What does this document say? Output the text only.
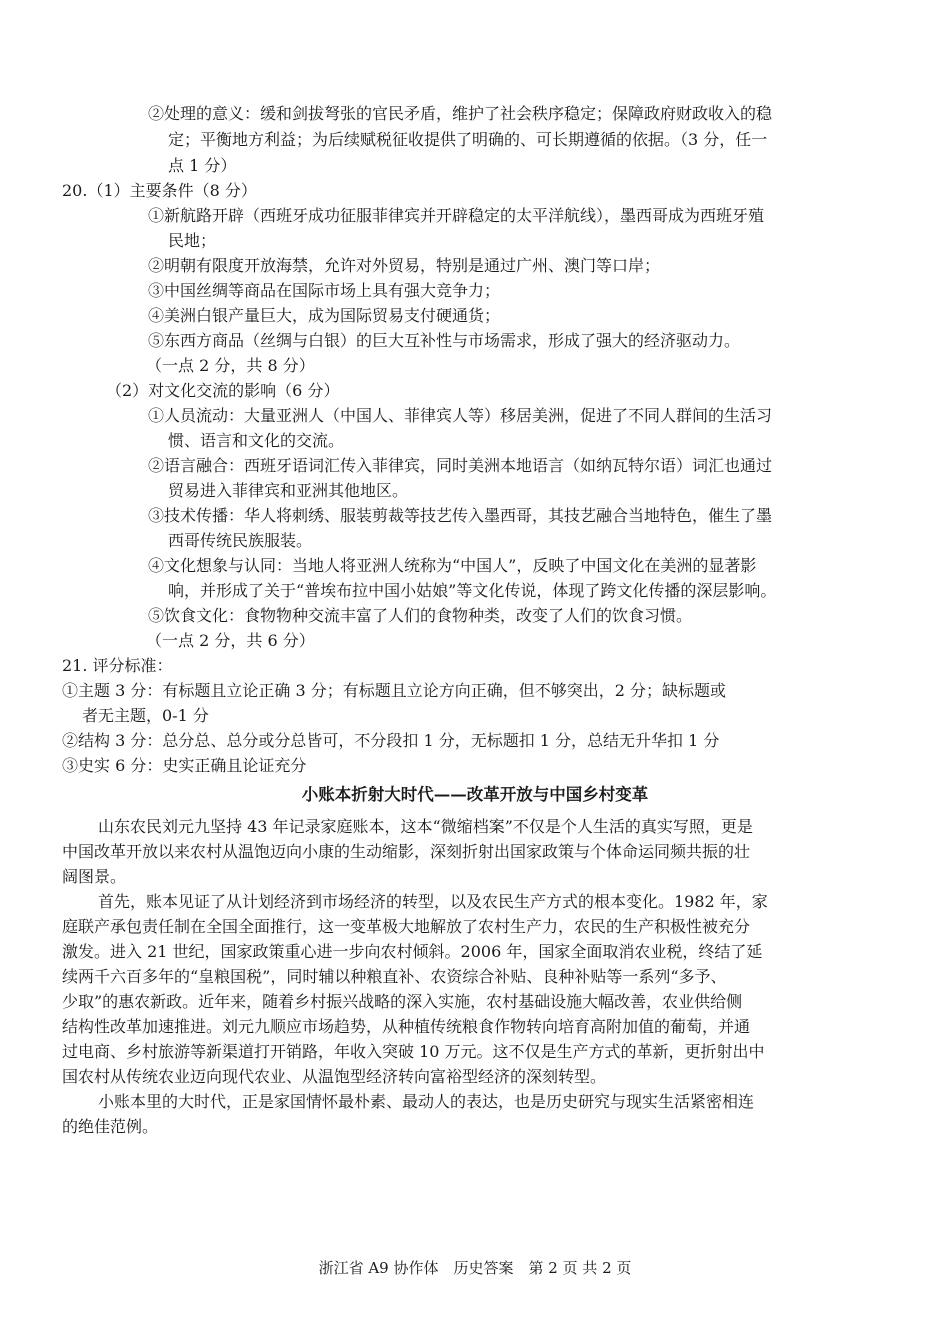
②处理的意义：缓和剑拔弩张的官民矛盾，维护了社会秩序稳定；保障政府财政收入的稳
定；平衡地方利益；为后续赋税征收提供了明确的、可长期遵循的依据。（3 分，任一
点 1 分）
20.（1）主要条件（8 分）
①新航路开辟（西班牙成功征服菲律宾并开辟稳定的太平洋航线），墨西哥成为西班牙殖
民地；
②明朝有限度开放海禁，允许对外贸易，特别是通过广州、澳门等口岸；
③中国丝绸等商品在国际市场上具有强大竞争力；
④美洲白银产量巨大，成为国际贸易支付硬通货；
⑤东西方商品（丝绸与白银）的巨大互补性与市场需求，形成了强大的经济驱动力。
（一点 2 分，共 8 分）
（2）对文化交流的影响（6 分）
①人员流动：大量亚洲人（中国人、菲律宾人等）移居美洲，促进了不同人群间的生活习
惯、语言和文化的交流。
②语言融合：西班牙语词汇传入菲律宾，同时美洲本地语言（如纳瓦特尔语）词汇也通过
贸易进入菲律宾和亚洲其他地区。
③技术传播：华人将刺绣、服装剪裁等技艺传入墨西哥，其技艺融合当地特色，催生了墨
西哥传统民族服装。
④文化想象与认同：当地人将亚洲人统称为“中国人”，反映了中国文化在美洲的显著影
响，并形成了关于“普埃布拉中国小姑娘”等文化传说，体现了跨文化传播的深层影响。
⑤饮食文化：食物物种交流丰富了人们的食物种类，改变了人们的饮食习惯。
（一点 2 分，共 6 分）
21. 评分标准：
①主题 3 分：有标题且立论正确 3 分；有标题且立论方向正确，但不够突出，2 分；缺标题或
者无主题，0-1 分
②结构 3 分：总分总、总分或分总皆可，不分段扣 1 分，无标题扣 1 分，总结无升华扣 1 分
③史实 6 分：史实正确且论证充分
小账本折射大时代——改革开放与中国乡村变革
山东农民刘元九坚持 43 年记录家庭账本，这本“微缩档案”不仅是个人生活的真实写照，更是
中国改革开放以来农村从温饱迈向小康的生动缩影，深刻折射出国家政策与个体命运同频共振的壮
阔图景。
首先，账本见证了从计划经济到市场经济的转型，以及农民生产方式的根本变化。1982 年，家
庭联产承包责任制在全国全面推行，这一变革极大地解放了农村生产力，农民的生产积极性被充分
激发。进入 21 世纪，国家政策重心进一步向农村倾斜。2006 年，国家全面取消农业税，终结了延
续两千六百多年的“皇粮国税”，同时辅以种粮直补、农资综合补贴、良种补贴等一系列“多予、
少取”的惠农新政。近年来，随着乡村振兴战略的深入实施，农村基础设施大幅改善，农业供给侧
结构性改革加速推进。刘元九顺应市场趋势，从种植传统粮食作物转向培育高附加值的葡萄，并通
过电商、乡村旅游等新渠道打开销路，年收入突破 10 万元。这不仅是生产方式的革新，更折射出中
国农村从传统农业迈向现代农业、从温饱型经济转向富裕型经济的深刻转型。
小账本里的大时代，正是家国情怀最朴素、最动人的表达，也是历史研究与现实生活紧密相连
的绝佳范例。
浙江省 A9 协作体　历史答案　第 2 页 共 2 页
